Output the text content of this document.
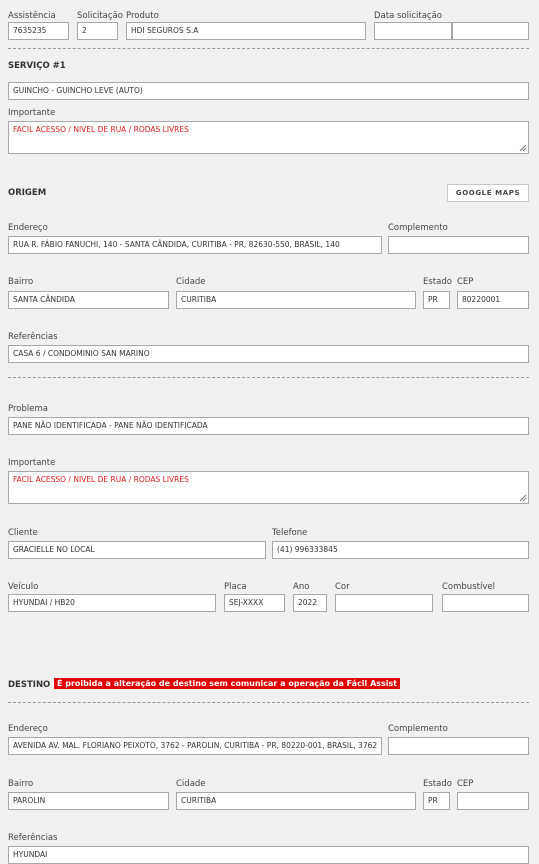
Assistência
7635235
Solicitação
2
Produto
HDI SEGUROS S.A
Data solicitação
SERVIÇO #1
GUINCHO - GUINCHO LEVE (AUTO)
Importante
FACIL ACESSO / NIVEL DE RUA / RODAS LIVRES
ORIGEM	GOOGLE MAPS
Endereço
RUA R. FÁBIO FANUCHI, 140 - SANTA CÂNDIDA, CURITIBA - PR, 82630-550, BRASIL, 140
Complemento
Bairro
SANTA CÂNDIDA
Cidade
CURITIBA
Estado
PR
CEP
80220001
Referências
CASA 6 / CONDOMINIO SAN MARINO
Problema
PANE NÃO IDENTIFICADA - PANE NÃO IDENTIFICADA
Importante
FACIL ACESSO / NIVEL DE RUA / RODAS LIVRES
Cliente
GRACIELLE NO LOCAL
Telefone
(41) 996333845
Veículo
HYUNDAI / HB20
Placa
SEJ-XXXX
Ano
2022
Cor	Combustível
DESTINO É proibida a alteração de destino sem comunicar a operação da Fácil Assist
Endereço
AVENIDA AV. MAL. FLORIANO PEIXOTO, 3762 - PAROLIN, CURITIBA - PR, 80220-001, BRASIL, 3762
Complemento
Bairro
PAROLIN
Cidade
CURITIBA
Estado
PR
CEP
Referências
HYUNDAI
